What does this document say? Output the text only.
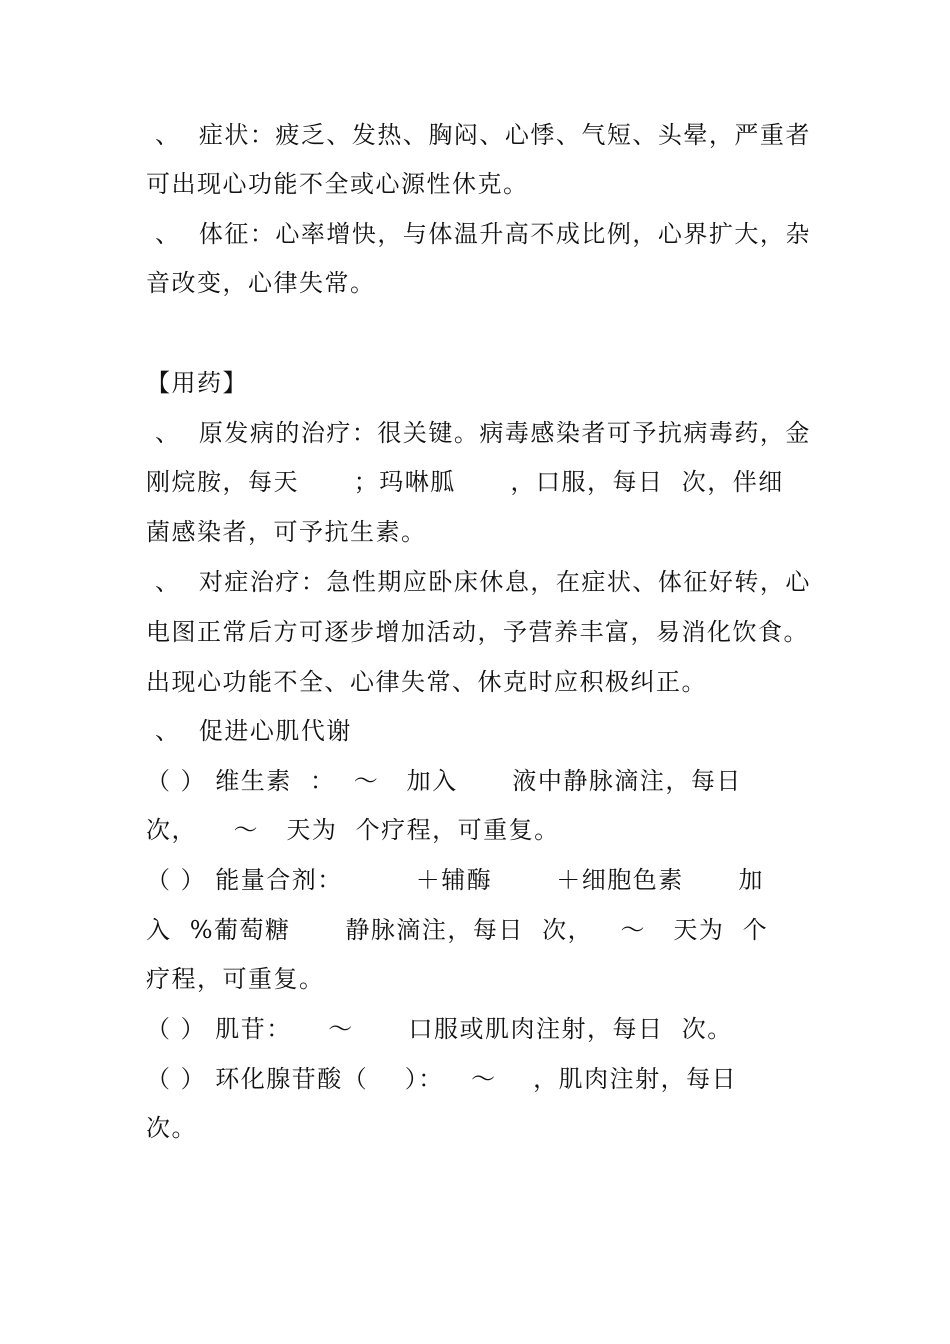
、  症状：疲乏、发热、胸闷、心悸、气短、头晕，严重者

可出现心功能不全或心源性休克。

、  体征：心率增快，与体温升高不成比例，心界扩大，杂

音改变，心律失常。

【用药】

、  原发病的治疗：很关键。病毒感染者可予抗病毒药，金

刚烷胺，每天      ；玛啉胍      ，口服，每日  次，伴细

菌感染者，可予抗生素。

、  对症治疗：急性期应卧床休息，在症状、体征好转，心

电图正常后方可逐步增加活动，予营养丰富，易消化饮食。

出现心功能不全、心律失常、休克时应积极纠正。

、  促进心肌代谢

（ ） 维生素  ：  ～   加入      液中静脉滴注，每日

次，    ～   天为  个疗程，可重复。

（ ） 能量合剂：        ＋辅酶       ＋细胞色素      加

入  %葡萄糖      静脉滴注，每日  次，   ～   天为  个

疗程，可重复。

（ ） 肌苷：    ～      口服或肌肉注射，每日  次。

（ ） 环化腺苷酸（    ）：   ～    ，肌肉注射，每日

次。
